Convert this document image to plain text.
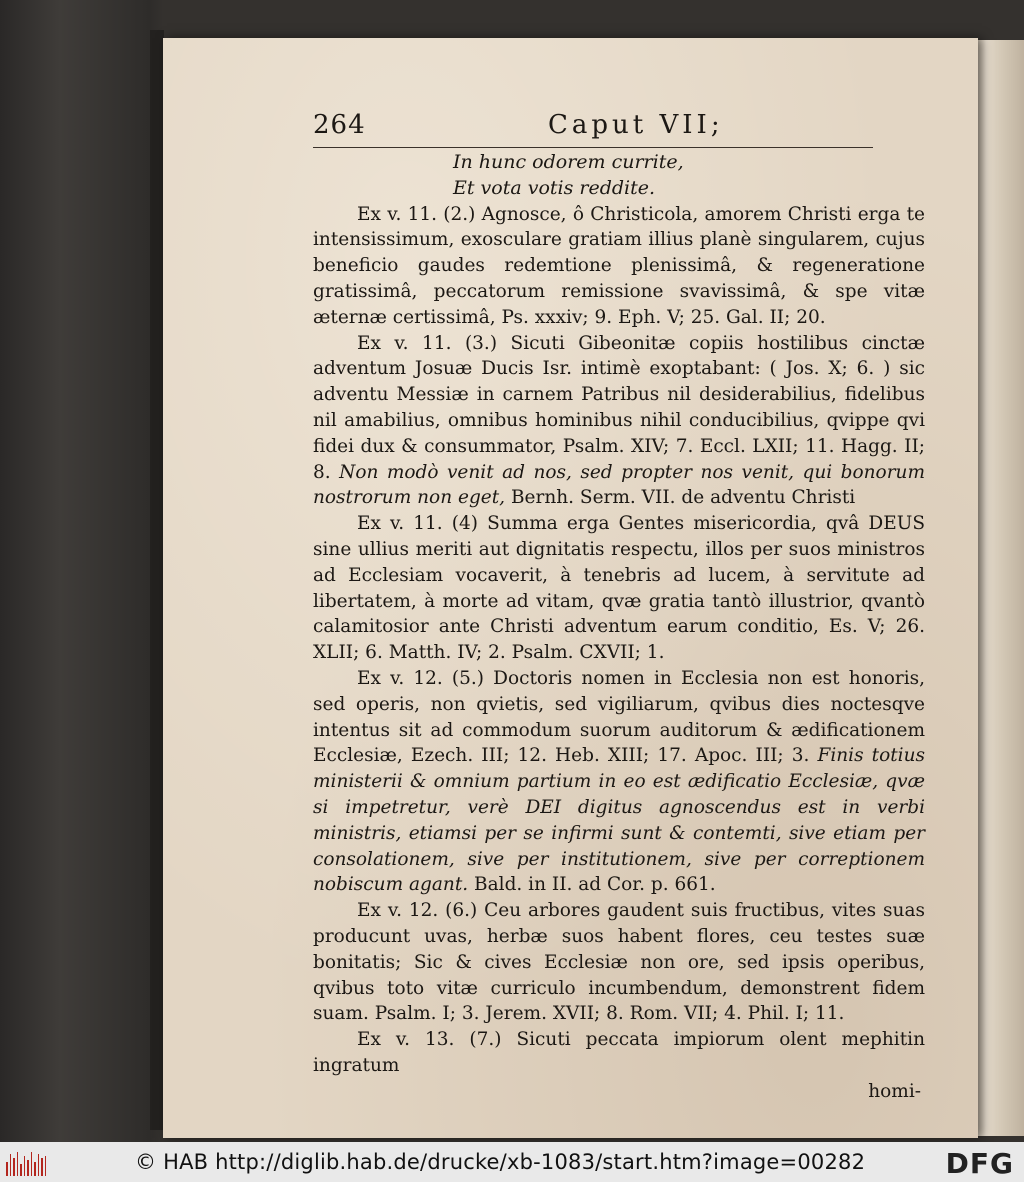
264	Caput VII;
In hunc odorem currite,
Et vota votis reddite.

Ex v. 11. (2.) Agnosce, ô Christicola, amorem Christi erga te intensissimum, exosculare gratiam illius planè singularem, cujus beneficio gaudes redemtione plenissimâ, & regeneratione gratissimâ, peccatorum remissione svavissimâ, & spe vitæ æternæ certissimâ, Ps. xxxiv; 9. Eph. V; 25. Gal. II; 20.

Ex v. 11. (3.) Sicuti Gibeonitæ copiis hostilibus cinctæ adventum Josuæ Ducis Isr. intimè exoptabant: ( Jos. X; 6. ) sic adventu Messiæ in carnem Patribus nil desiderabilius, fidelibus nil amabilius, omnibus hominibus nihil conducibilius, qvippe qvi fidei dux & consummator, Psalm. XIV; 7. Eccl. LXII; 11. Hagg. II; 8. Non modò venit ad nos, sed propter nos venit, qui bonorum nostrorum non eget, Bernh. Serm. VII. de adventu Christi

Ex v. 11. (4) Summa erga Gentes misericordia, qvâ DEUS sine ullius meriti aut dignitatis respectu, illos per suos ministros ad Ecclesiam vocaverit, à tenebris ad lucem, à servitute ad libertatem, à morte ad vitam, qvæ gratia tantò illustrior, qvantò calamitosior ante Christi adventum earum conditio, Es. V; 26. XLII; 6. Matth. IV; 2. Psalm. CXVII; 1.

Ex v. 12. (5.) Doctoris nomen in Ecclesia non est honoris, sed operis, non qvietis, sed vigiliarum, qvibus dies noctesqve intentus sit ad commodum suorum auditorum & ædificationem Ecclesiæ, Ezech. III; 12. Heb. XIII; 17. Apoc. III; 3. Finis totius ministerii & omnium partium in eo est ædificatio Ecclesiæ, qvæ si impetretur, verè DEI digitus agnoscendus est in verbi ministris, etiamsi per se infirmi sunt & contemti, sive etiam per consolationem, sive per institutionem, sive per correptionem nobiscum agant. Bald. in II. ad Cor. p. 661.

Ex v. 12. (6.) Ceu arbores gaudent suis fructibus, vites suas producunt uvas, herbæ suos habent flores, ceu testes suæ bonitatis; Sic & cives Ecclesiæ non ore, sed ipsis operibus, qvibus toto vitæ curriculo incumbendum, demonstrent fidem suam. Psalm. I; 3. Jerem. XVII; 8. Rom. VII; 4. Phil. I; 11.

Ex v. 13. (7.) Sicuti peccata impiorum olent mephitin ingratum

homi-
© HAB http://diglib.hab.de/drucke/xb-1083/start.htm?image=00282	DFG
